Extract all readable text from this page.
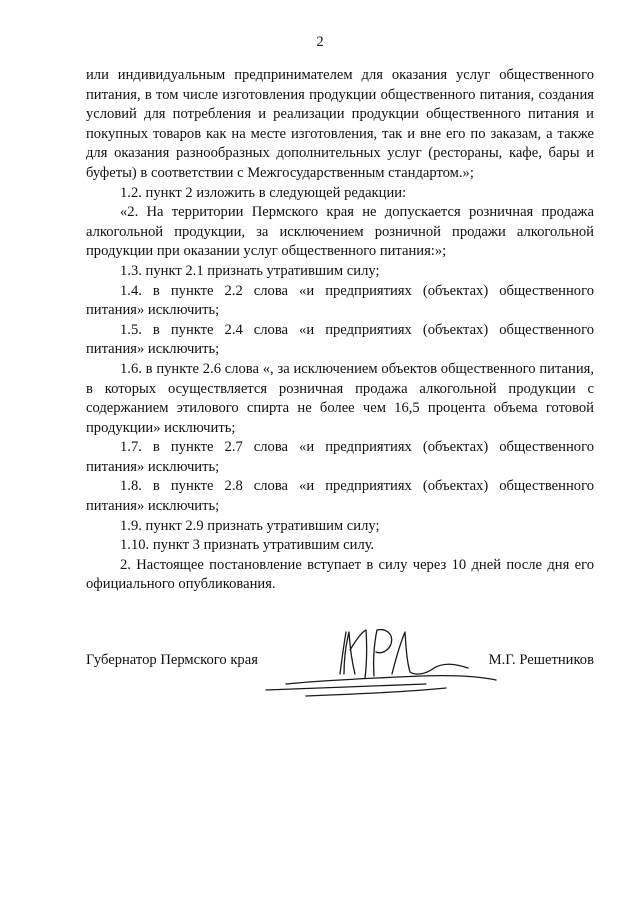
2

или индивидуальным предпринимателем для оказания услуг общественного питания, в том числе изготовления продукции общественного питания, создания условий для потребления и реализации продукции общественного питания и покупных товаров как на месте изготовления, так и вне его по заказам, а также для оказания разнообразных дополнительных услуг (рестораны, кафе, бары и буфеты) в соответствии с Межгосударственным стандартом.»;

1.2. пункт 2 изложить в следующей редакции:

«2. На территории Пермского края не допускается розничная продажа алкогольной продукции, за исключением розничной продажи алкогольной продукции при оказании услуг общественного питания:»;

1.3. пункт 2.1 признать утратившим силу;

1.4. в пункте 2.2 слова «и предприятиях (объектах) общественного питания» исключить;

1.5. в пункте 2.4 слова «и предприятиях (объектах) общественного питания» исключить;

1.6. в пункте 2.6 слова «, за исключением объектов общественного питания, в которых осуществляется розничная продажа алкогольной продукции с содержанием этилового спирта не более чем 16,5 процента объема готовой продукции» исключить;

1.7. в пункте 2.7 слова «и предприятиях (объектах) общественного питания» исключить;

1.8. в пункте 2.8 слова «и предприятиях (объектах) общественного питания» исключить;

1.9. пункт 2.9 признать утратившим силу;

1.10. пункт 3 признать утратившим силу.

2. Настоящее постановление вступает в силу через 10 дней после дня его официального опубликования.

Губернатор Пермского края	М.Г. Решетников
